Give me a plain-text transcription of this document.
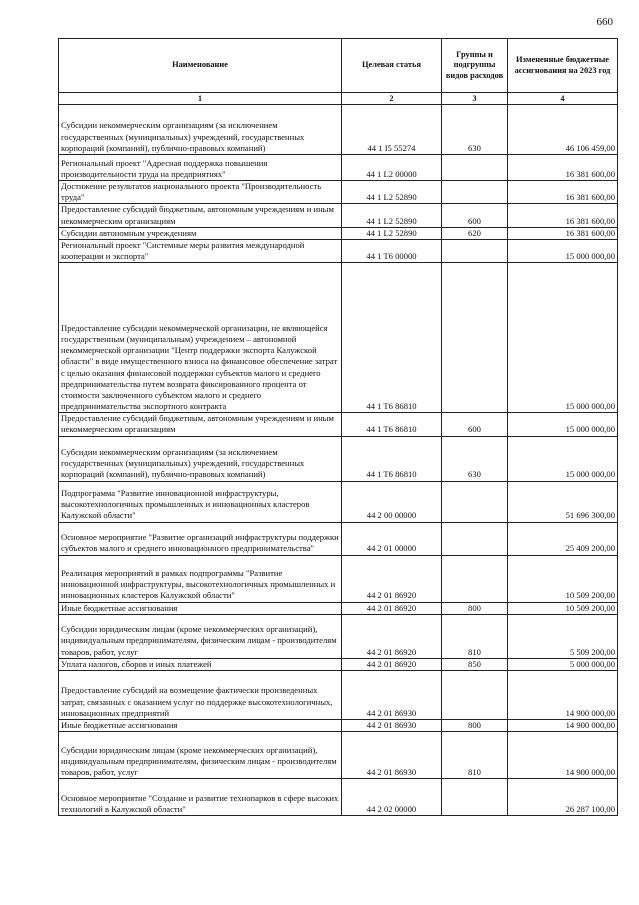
660
Наименование	Целевая статья	Группы и подгруппы видов расходов	Измененные бюджетные ассигнования на 2023 год
1	2	3	4
Субсидии некоммерческим организациям (за исключением государственных (муниципальных) учреждений, государственных корпораций (компаний), публично-правовых компаний)	44 1 I5 55274	630	46 106 459,00
Региональный проект "Адресная поддержка повышения производительности труда на предприятиях"	44 1 L2 00000		16 381 600,00
Достижение результатов национального проекта "Производительность труда"	44 1 L2 52890		16 381 600,00
Предоставление субсидий бюджетным, автономным учреждениям и иным некоммерческим организациям	44 1 L2 52890	600	16 381 600,00
Субсидии автономным учреждениям	44 1 L2 52890	620	16 381 600,00
Региональный проект "Системные меры развития международной кооперации и экспорта"	44 1 T6 00000		15 000 000,00
Предоставление субсидии некоммерческой организации, не являющейся государственным (муниципальным) учреждением – автономной некоммерческой организации "Центр поддержки экспорта Калужской области" в виде имущественного взноса на финансовое обеспечение затрат с целью оказания финансовой поддержки субъектов малого и среднего предпринимательства путем возврата фиксированного процента от стоимости заключенного субъектом малого и среднего предпринимательства экспортного контракта	44 1 T6 86810		15 000 000,00
Предоставление субсидий бюджетным, автономным учреждениям и иным некоммерческим организациям	44 1 T6 86810	600	15 000 000,00
Субсидии некоммерческим организациям (за исключением государственных (муниципальных) учреждений, государственных корпораций (компаний), публично-правовых компаний)	44 1 T6 86810	630	15 000 000,00
Подпрограмма "Развитие инновационной инфраструктуры, высокотехнологичных промышленных и инновационных кластеров Калужской области"	44 2 00 00000		51 696 300,00
Основное мероприятие "Развитие организаций инфраструктуры поддержки субъектов малого и среднего инновационного предпринимательства"	44 2 01 00000		25 409 200,00
Реализация мероприятий в рамках подпрограммы "Развитие инновационной инфраструктуры, высокотехнологичных промышленных и инновационных кластеров Калужской области"	44 2 01 86920		10 509 200,00
Иные бюджетные ассигнования	44 2 01 86920	800	10 509 200,00
Субсидии юридическим лицам (кроме некоммерческих организаций), индивидуальным предпринимателям, физическим лицам - производителям товаров, работ, услуг	44 2 01 86920	810	5 509 200,00
Уплата налогов, сборов и иных платежей	44 2 01 86920	850	5 000 000,00
Предоставление субсидий на возмещение фактически произведенных затрат, связанных с оказанием услуг по поддержке высокотехнологичных, инновационных предприятий	44 2 01 86930		14 900 000,00
Иные бюджетные ассигнования	44 2 01 86930	800	14 900 000,00
Субсидии юридическим лицам (кроме некоммерческих организаций), индивидуальным предпринимателям, физическим лицам - производителям товаров, работ, услуг	44 2 01 86930	810	14 900 000,00
Основное мероприятие "Создание и развитие технопарков в сфере высоких технологий в Калужской области"	44 2 02 00000		26 287 100,00
